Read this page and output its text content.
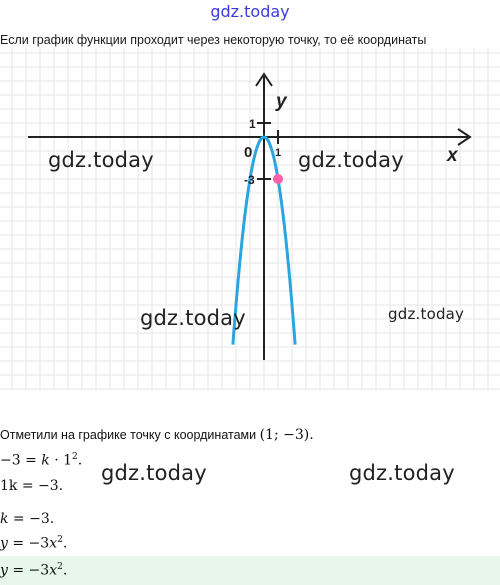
gdz.today
Если график функции проходит через некоторую точку, то её координаты
y
x
0 1
1
-3
gdz.today	gdz.today
gdz.today	gdz.today
Отметили на графике точку с координатами (1; −3).
$-3 = k \cdot 1^2$.
1k = −3.
gdz.today	gdz.today
k = −3.
$y = -3x^2$.
$y = -3x^2$.
